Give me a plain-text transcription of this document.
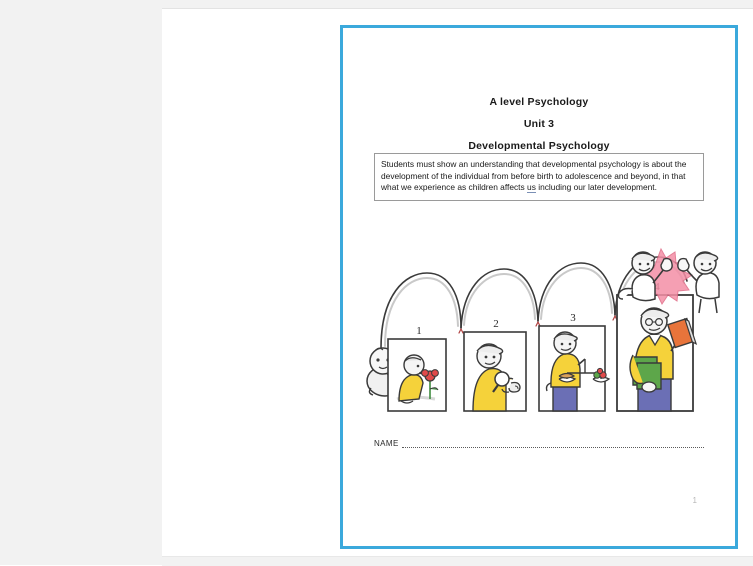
A level Psychology
Unit 3
Developmental Psychology

Students must show an understanding that developmental psychology is about the development of the individual from before birth to adolescence and beyond, in that what we experience as children affects us including our later development.

1
2	3
NAME
1
